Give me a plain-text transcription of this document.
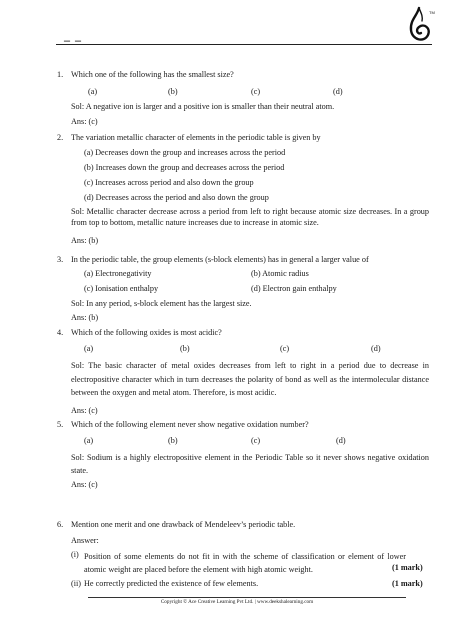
– –
TM
1. Which one of the following has the smallest size?
(a)	(b)	(c)	(d)
Sol: A negative ion is larger and a positive ion is smaller than their neutral atom.
Ans: (c)
2. The variation metallic character of elements in the periodic table is given by
(a) Decreases down the group and increases across the period
(b) Increases down the group and decreases across the period
(c) Increases across period and also down the group
(d) Decreases across the period and also down the group
Sol: Metallic character decrease across a period from left to right because atomic size decreases. In a group from top to bottom, metallic nature increases due to increase in atomic size.
Ans: (b)
3. In the periodic table, the group elements (s-block elements) has in general a larger value of
(a) Electronegativity	(b) Atomic radius
(c) Ionisation enthalpy	(d) Electron gain enthalpy
Sol: In any period, s-block element has the largest size.
Ans: (b)
4. Which of the following oxides is most acidic?
(a)	(b)	(c)	(d)
Sol: The basic character of metal oxides decreases from left to right in a period due to decrease in electropositive character which in turn decreases the polarity of bond as well as the intermolecular distance between the oxygen and metal atom. Therefore, is most acidic.
Ans: (c)
5. Which of the following element never show negative oxidation number?
(a)	(b)	(c)	(d)
Sol: Sodium is a highly electropositive element in the Periodic Table so it never shows negative oxidation state.
Ans: (c)
6. Mention one merit and one drawback of Mendeleev’s periodic table.
Answer:
(i) Position of some elements do not fit in with the scheme of classification or element of lower atomic weight are placed before the element with high atomic weight.	(1 mark)
(ii) He correctly predicted the existence of few elements.	(1 mark)
Copyright © Ace Creative Learning Pvt Ltd. | www.deekshalearning.com
